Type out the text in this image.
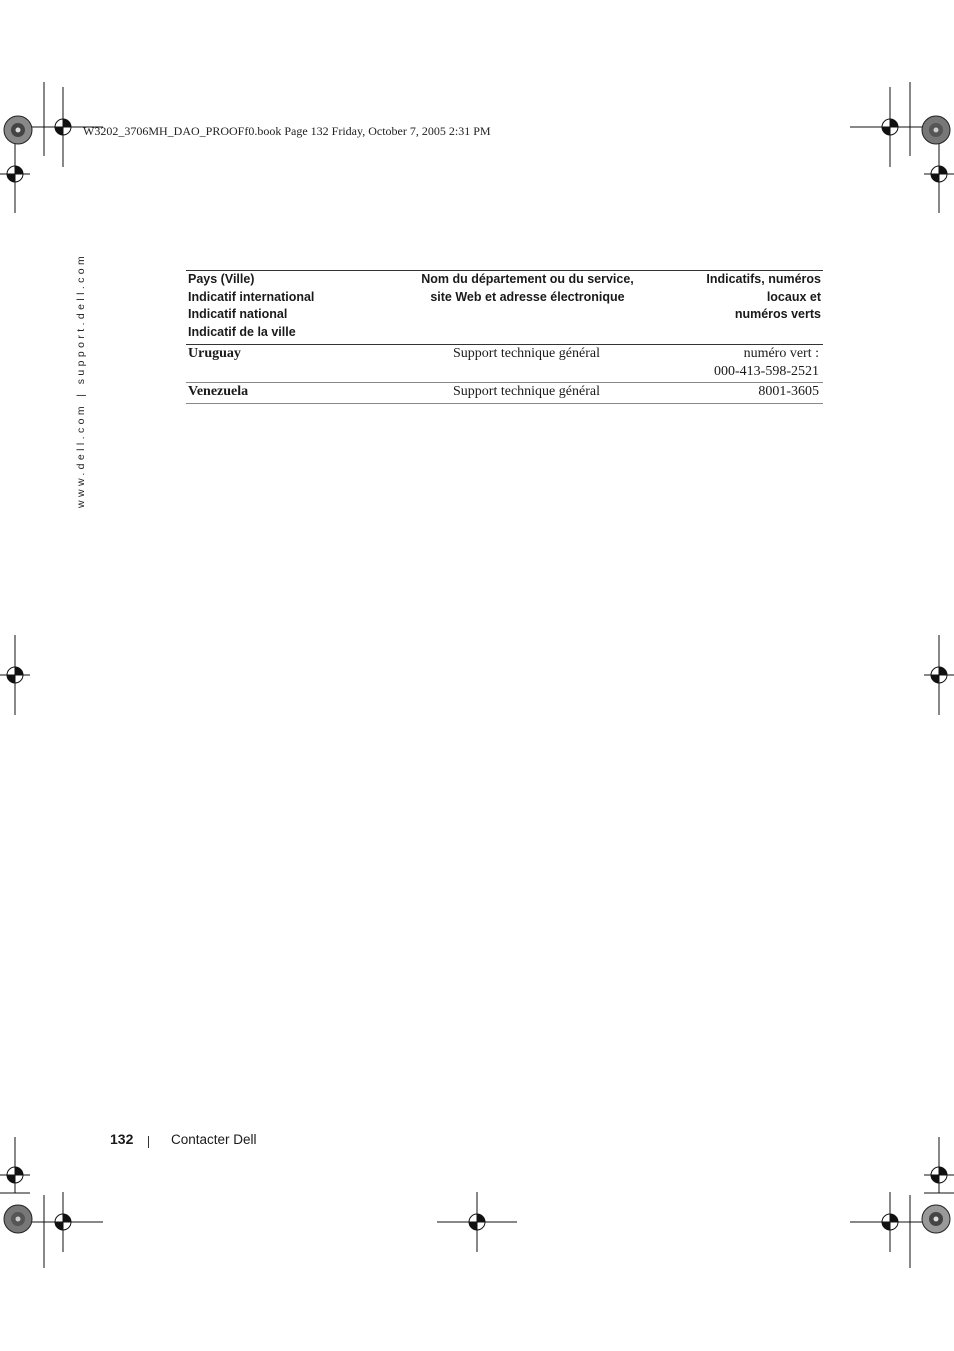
W3202_3706MH_DAO_PROOFf0.book Page 132 Friday, October 7, 2005 2:31 PM
www.dell.com | support.dell.com	Pays (Ville)
Indicatif international
Indicatif national
Indicatif de la ville	Nom du département ou du service,
site Web et adresse électronique	Indicatifs, numéros locaux et
numéros verts

Uruguay	Support technique général	numéro vert :
000-413-598-2521

Venezuela	Support technique général	8001-3605
132	Contacter Dell
